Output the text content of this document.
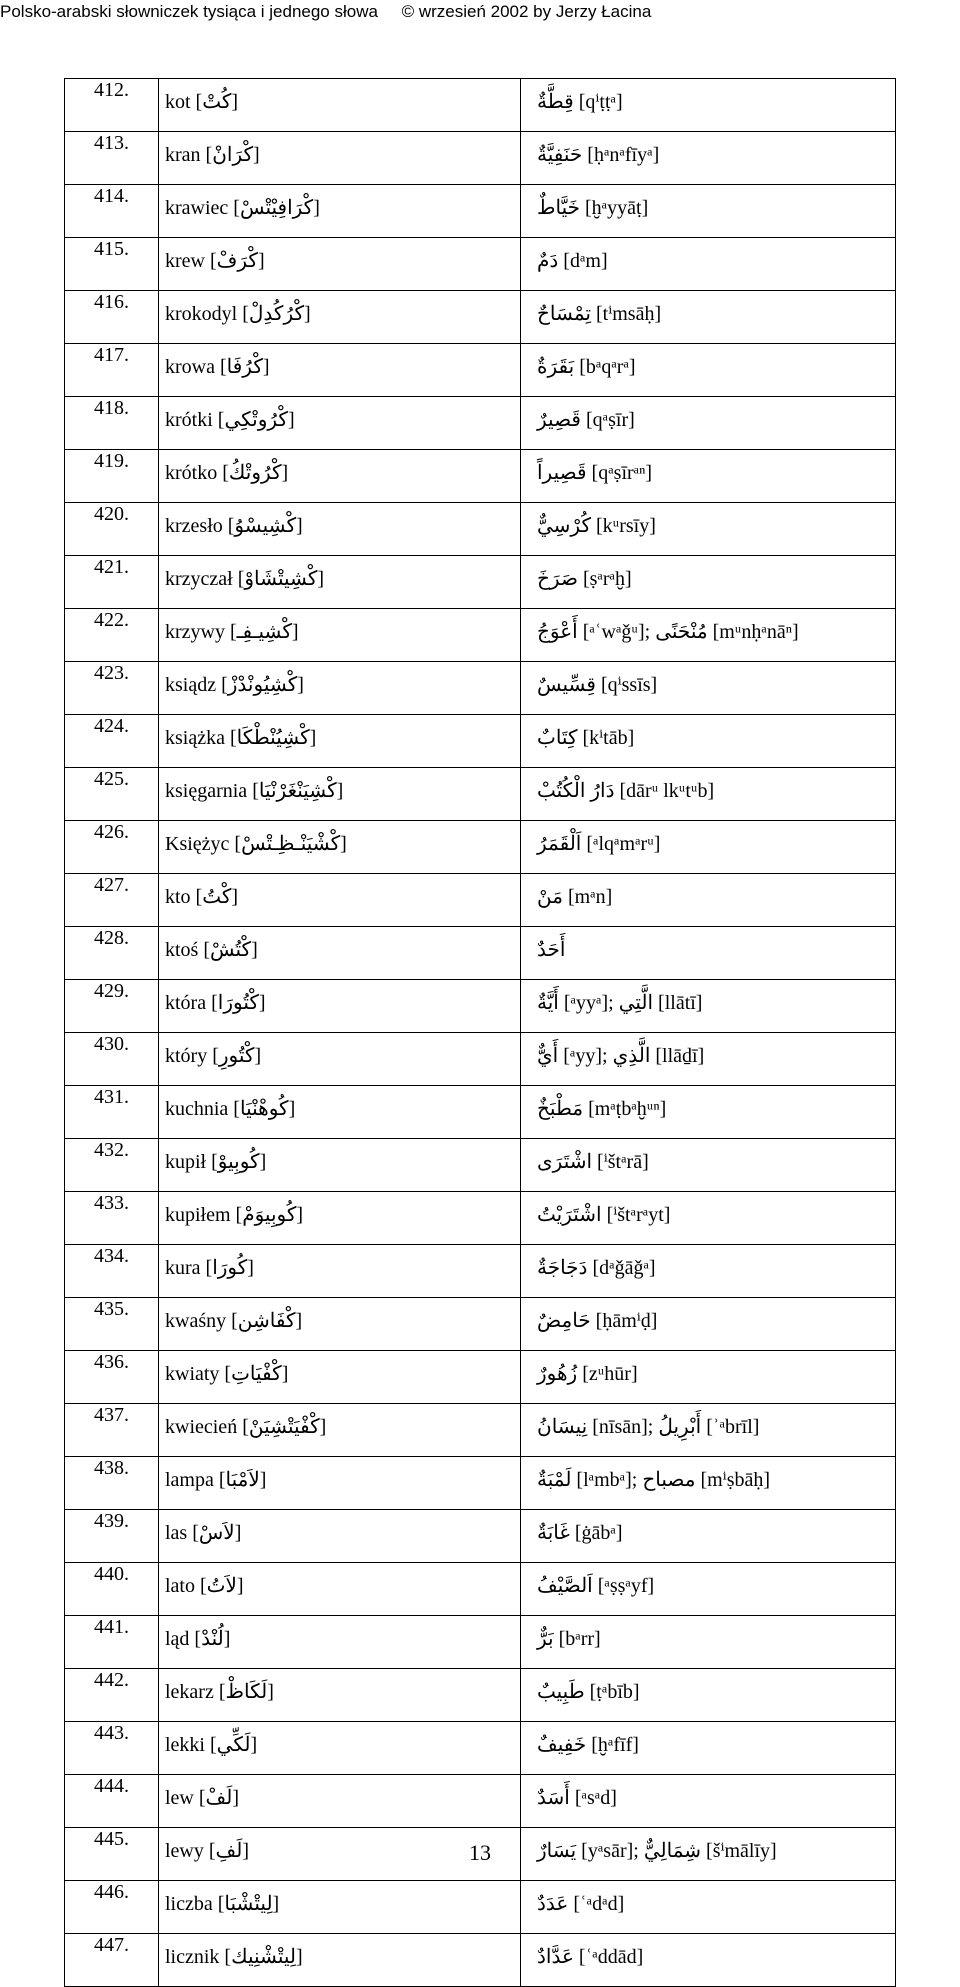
Polsko-arabski słowniczek tysiąca i jednego słowa © wrzesień 2002 by Jerzy Łacina
412.	kot [كُتْ]	قِطَّةٌ [qⁱṭṭᵃ]
413.	kran [كْرَانْ]	حَنَفِيَّةٌ [ḥᵃnᵃfīyᵃ]
414.	krawiec [كْرَافِيْتْسْ]	خَيَّاطٌ [ḫᵃyyāṭ]
415.	krew [كْرَفْ]	دَمٌ [dᵃm]
416.	krokodyl [كْرُكُدِلْ]	تِمْسَاحٌ [tⁱmsāḥ]
417.	krowa [كْرُفَا]	بَقَرَةٌ [bᵃqᵃrᵃ]
418.	krótki [كْرُوتْكِي]	قَصِيرٌ [qᵃṣīr]
419.	krótko [كْرُوتْكُ]	قَصِيراً [qᵃṣīrᵃⁿ]
420.	krzesło [كْشِيسْوُ]	كُرْسِيٌّ [kᵘrsīy]
421.	krzyczał [كْشِيتْشَاوْ]	صَرَخَ [ṣᵃrᵃḫ]
422.	krzywy [كْشِيـفِـ]	أَعْوَجُ [ᵃʿwᵃǧᵘ]; مُنْحَنًى [mᵘnḥᵃnāⁿ]
423.	ksiądz [كْشِيُونْدْزْ]	قِسِّيسٌ [qⁱssīs]
424.	książka [كْشِيُنْطْكَا]	كِتَابٌ [kⁱtāb]
425.	księgarnia [كْشِيَنْغَرْنْيَا]	دَارُ الْكُتُبْ [dārᵘ lkᵘtᵘb]
426.	Księżyc [كْشْيَنْـظِـتْسْ]	اَلْقَمَرُ [ᵃlqᵃmᵃrᵘ]
427.	kto [كْتُ]	مَنْ [mᵃn]
428.	ktoś [كْتُشْ]	أَحَدٌ
429.	która [كْتُورَا]	أَيَّةٌ [ᵃyyᵃ]; الَّتِي [llātī]
430.	który [كْتُورِ]	أَيٌّ [ᵃyy]; الَّذِي [llāḏī]
431.	kuchnia [كُوهْنْيَا]	مَطْبَخٌ [mᵃṭbᵃḫᵘⁿ]
432.	kupił [كُوبِيوْ]	اشْتَرَى [ⁱštᵃrā]
433.	kupiłem [كُوبِيوَمْ]	اشْتَرَيْتُ [ⁱštᵃrᵃyt]
434.	kura [كُورَا]	دَجَاجَةٌ [dᵃǧāǧᵃ]
435.	kwaśny [كْفَاشِن]	حَامِضٌ [ḥāmⁱḍ]
436.	kwiaty [كْفْيَاتِ]	زُهُورٌ [zᵘhūr]
437.	kwiecień [كْفْيَتْشِيَنْ]	نِيسَانُ [nīsān]; أَبْرِيلُ [ʾᵃbrīl]
438.	lampa [لاَمْبَا]	لَمْبَةٌ [lᵃmbᵃ]; مصباح [mⁱṣbāḥ]
439.	las [لاَسْ]	غَابَةٌ [ġābᵃ]
440.	lato [لاَتُ]	اَلصَّيْفُ [ᵃṣṣᵃyf]
441.	ląd [لُنْدْ]	بَرٌّ [bᵃrr]
442.	lekarz [لَكَاظْ]	طَبِيبٌ [ṭᵃbīb]
443.	lekki [لَكِّي]	خَفِيفٌ [ḫᵃfīf]
444.	lew [لَفْ]	أَسَدٌ [ᵃsᵃd]
445.	lewy [لَفِ]	يَسَارٌ [yᵃsār]; شِمَالِيٌّ [šⁱmālīy]
446.	liczba [لِيتْشْبَا]	عَدَدٌ [ʿᵃdᵃd]
447.	licznik [لِيتْشْنِيك]	عَدَّادٌ [ʿᵃddād]
13
